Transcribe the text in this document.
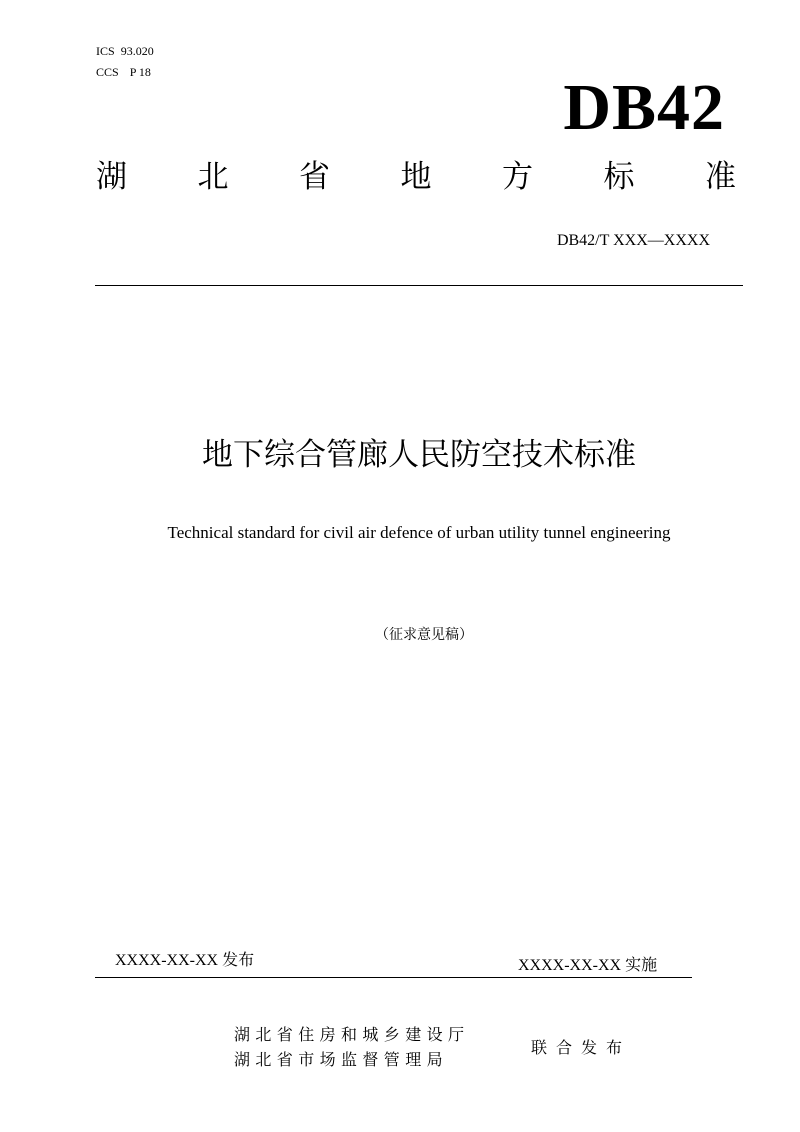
ICS 93.020
CCS P 18	DB42
湖 北 省 地 方 标 准
DB42/T XXX—XXXX
地下综合管廊人民防空技术标准
Technical standard for civil air defence of urban utility tunnel engineering
（征求意见稿）
XXXX-XX-XX 发布	XXXX-XX-XX 实施
湖北省住房和城乡建设厅
湖北省市场监督管理局
联合发布
